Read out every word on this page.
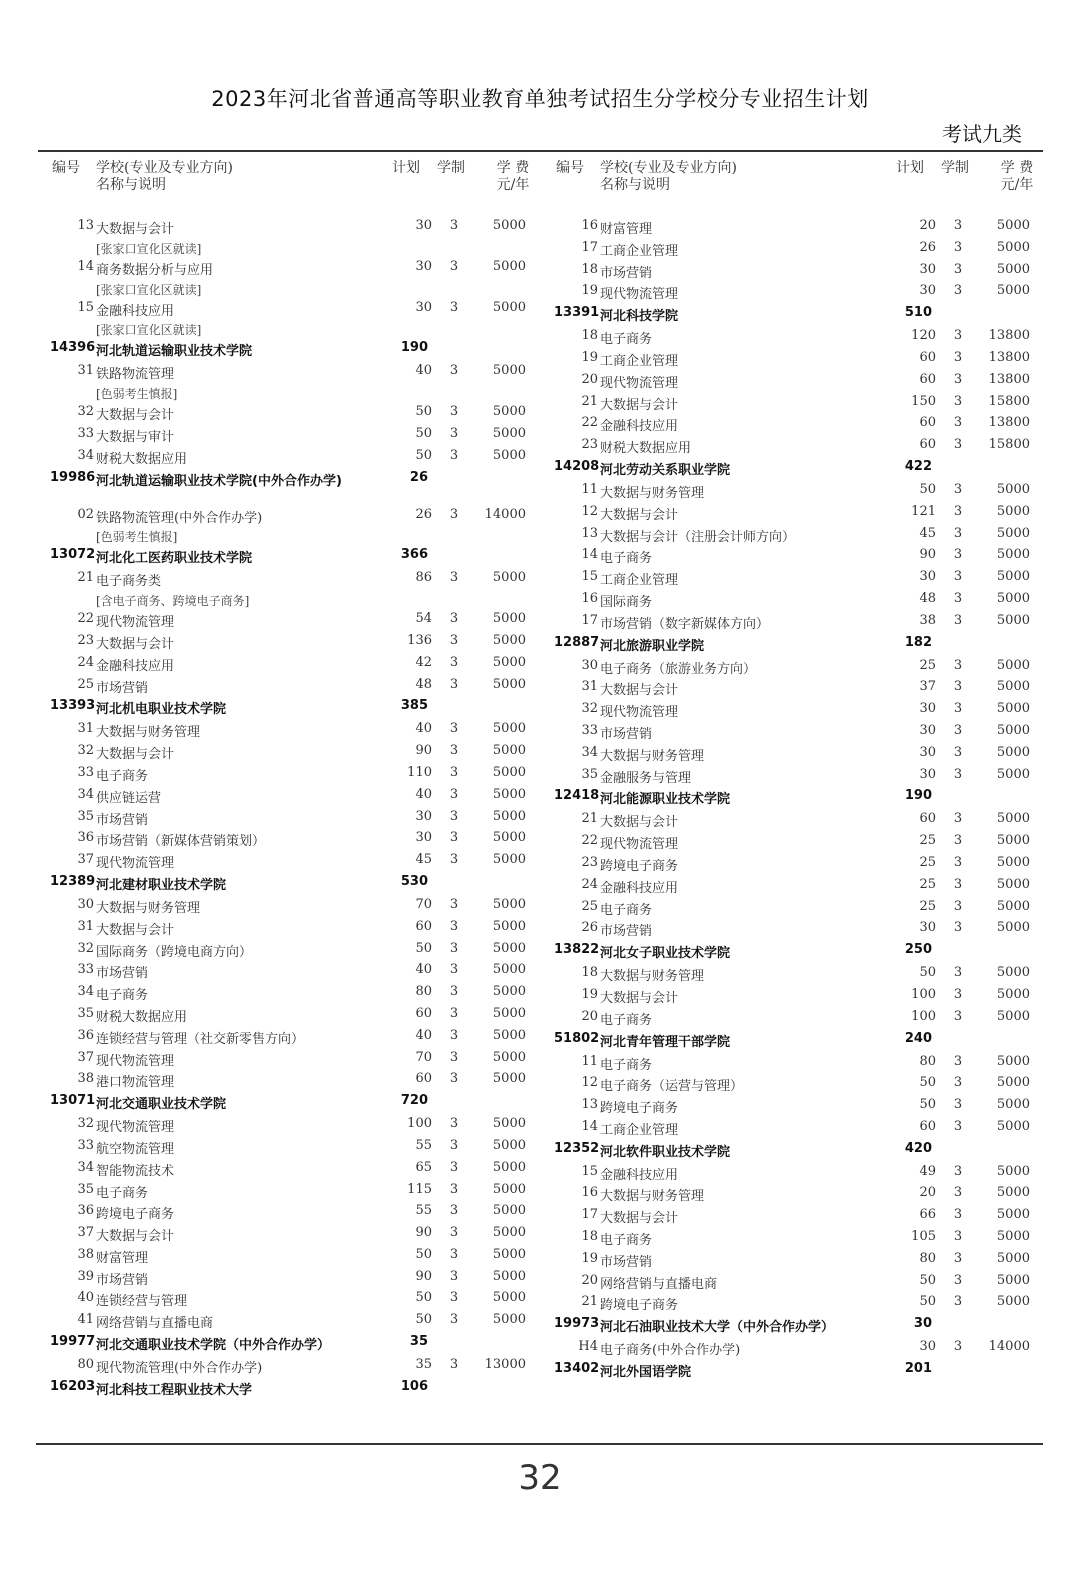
2023年河北省普通高等职业教育单独考试招生分学校分专业招生计划
考试九类
编号 学校(专业及专业方向)
名称与说明
计划 学制	学 费
元/年
13 大数据与会计	30 3	5000
[张家口宣化区就读]
14 商务数据分析与应用	30 3	5000
[张家口宣化区就读]
15 金融科技应用	30 3	5000
[张家口宣化区就读]
14396 河北轨道运输职业技术学院	190
31 铁路物流管理	40 3	5000
[色弱考生慎报]
32 大数据与会计	50 3	5000
33 大数据与审计	50 3	5000
34 财税大数据应用	50 3	5000
19986 河北轨道运输职业技术学院(中外合作办学)	26
02 铁路物流管理(中外合作办学)	26 3	14000
[色弱考生慎报]
13072 河北化工医药职业技术学院	366
21 电子商务类	86 3	5000
[含电子商务、跨境电子商务]
22 现代物流管理	54 3	5000
23 大数据与会计	136 3	5000
24 金融科技应用	42 3	5000
25 市场营销	48 3	5000
13393 河北机电职业技术学院	385
31 大数据与财务管理	40 3	5000
32 大数据与会计	90 3	5000
33 电子商务	110 3	5000
34 供应链运营	40 3	5000
35 市场营销	30 3	5000
36 市场营销（新媒体营销策划）	30 3	5000
37 现代物流管理	45 3	5000
12389 河北建材职业技术学院	530
30 大数据与财务管理	70 3	5000
31 大数据与会计	60 3	5000
32 国际商务（跨境电商方向）	50 3	5000
33 市场营销	40 3	5000
34 电子商务	80 3	5000
35 财税大数据应用	60 3	5000
36 连锁经营与管理（社交新零售方向）	40 3	5000
37 现代物流管理	70 3	5000
38 港口物流管理	60 3	5000
13071 河北交通职业技术学院	720
32 现代物流管理	100 3	5000
33 航空物流管理	55 3	5000
34 智能物流技术	65 3	5000
35 电子商务	115 3	5000
36 跨境电子商务	55 3	5000
37 大数据与会计	90 3	5000
38 财富管理	50 3	5000
39 市场营销	90 3	5000
40 连锁经营与管理	50 3	5000
41 网络营销与直播电商	50 3	5000
19977 河北交通职业技术学院（中外合作办学）	35
80 现代物流管理(中外合作办学)	35 3	13000
16203 河北科技工程职业技术大学	106
编号 学校(专业及专业方向)
名称与说明
计划 学制	学 费
元/年
16 财富管理	20 3	5000
17 工商企业管理	26 3	5000
18 市场营销	30 3	5000
19 现代物流管理	30 3	5000
13391 河北科技学院	510
18 电子商务	120 3	13800
19 工商企业管理	60 3	13800
20 现代物流管理	60 3	13800
21 大数据与会计	150 3	15800
22 金融科技应用	60 3	13800
23 财税大数据应用	60 3	15800
14208 河北劳动关系职业学院	422
11 大数据与财务管理	50 3	5000
12 大数据与会计	121 3	5000
13 大数据与会计（注册会计师方向）	45 3	5000
14 电子商务	90 3	5000
15 工商企业管理	30 3	5000
16 国际商务	48 3	5000
17 市场营销（数字新媒体方向）	38 3	5000
12887 河北旅游职业学院	182
30 电子商务（旅游业务方向）	25 3	5000
31 大数据与会计	37 3	5000
32 现代物流管理	30 3	5000
33 市场营销	30 3	5000
34 大数据与财务管理	30 3	5000
35 金融服务与管理	30 3	5000
12418 河北能源职业技术学院	190
21 大数据与会计	60 3	5000
22 现代物流管理	25 3	5000
23 跨境电子商务	25 3	5000
24 金融科技应用	25 3	5000
25 电子商务	25 3	5000
26 市场营销	30 3	5000
13822 河北女子职业技术学院	250
18 大数据与财务管理	50 3	5000
19 大数据与会计	100 3	5000
20 电子商务	100 3	5000
51802 河北青年管理干部学院	240
11 电子商务	80 3	5000
12 电子商务（运营与管理）	50 3	5000
13 跨境电子商务	50 3	5000
14 工商企业管理	60 3	5000
12352 河北软件职业技术学院	420
15 金融科技应用	49 3	5000
16 大数据与财务管理	20 3	5000
17 大数据与会计	66 3	5000
18 电子商务	105 3	5000
19 市场营销	80 3	5000
20 网络营销与直播电商	50 3	5000
21 跨境电子商务	50 3	5000
19973 河北石油职业技术大学（中外合作办学）	30
H4 电子商务(中外合作办学)	30 3	14000
13402 河北外国语学院	201
32
